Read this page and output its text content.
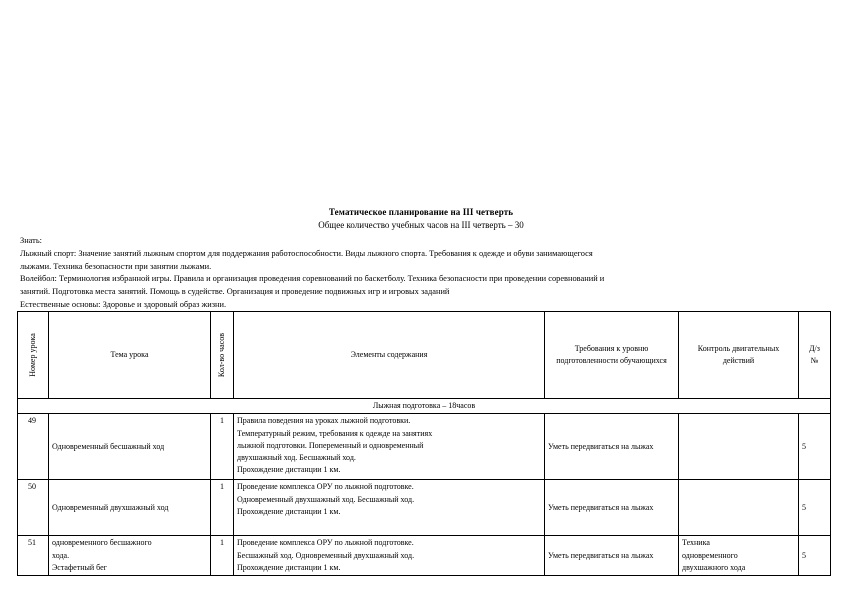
Тематическое планирование на III четверть
Общее количество учебных часов на III четверть – 30
Знать:
Лыжный спорт: Значение занятий лыжным спортом для поддержания работоспособности. Виды лыжного спорта. Требования к одежде и обуви занимающегося
лыжами. Техника безопасности при занятии лыжами.
Волейбол: Терминология избранной игры. Правила и организация проведения соревнований по баскетболу. Техника безопасности при проведении соревнований и
занятий. Подготовка места занятий. Помощь в судействе. Организация и проведение подвижных игр и игровых заданий
Естественные основы: Здоровье и здоровый образ жизни.
Номер урока	Тема урока	Кол-во часов	Элементы содержания	Требования к уровню подготовленности обучающихся	Контроль двигательных действий	Д/з
№

Лыжная подготовка – 18часов						
49	Одновременный бесшажный ход	1	Правила поведения на уроках лыжной подготовки.
Температурный режим, требования к одежде на занятиях
лыжной подготовки. Попеременный и одновременный
двухшажный ход. Бесшажный ход.
Прохождение дистанции 1 км.	Уметь передвигаться на лыжах		5
50	Одновременный двухшажный ход	1	Проведение комплекса ОРУ по лыжной подготовке.
Одновременный двухшажный ход. Бесшажный ход.
Прохождение дистанции 1 км.	Уметь передвигаться на лыжах		5
51	одновременного бесшажного
хода.
Эстафетный бег	1	Проведение комплекса ОРУ по лыжной подготовке.
Бесшажный ход. Одновременный двухшажный ход.
Прохождение дистанции 1 км.	Уметь передвигаться на лыжах	Техника
одновременного
двухшажного хода	5
